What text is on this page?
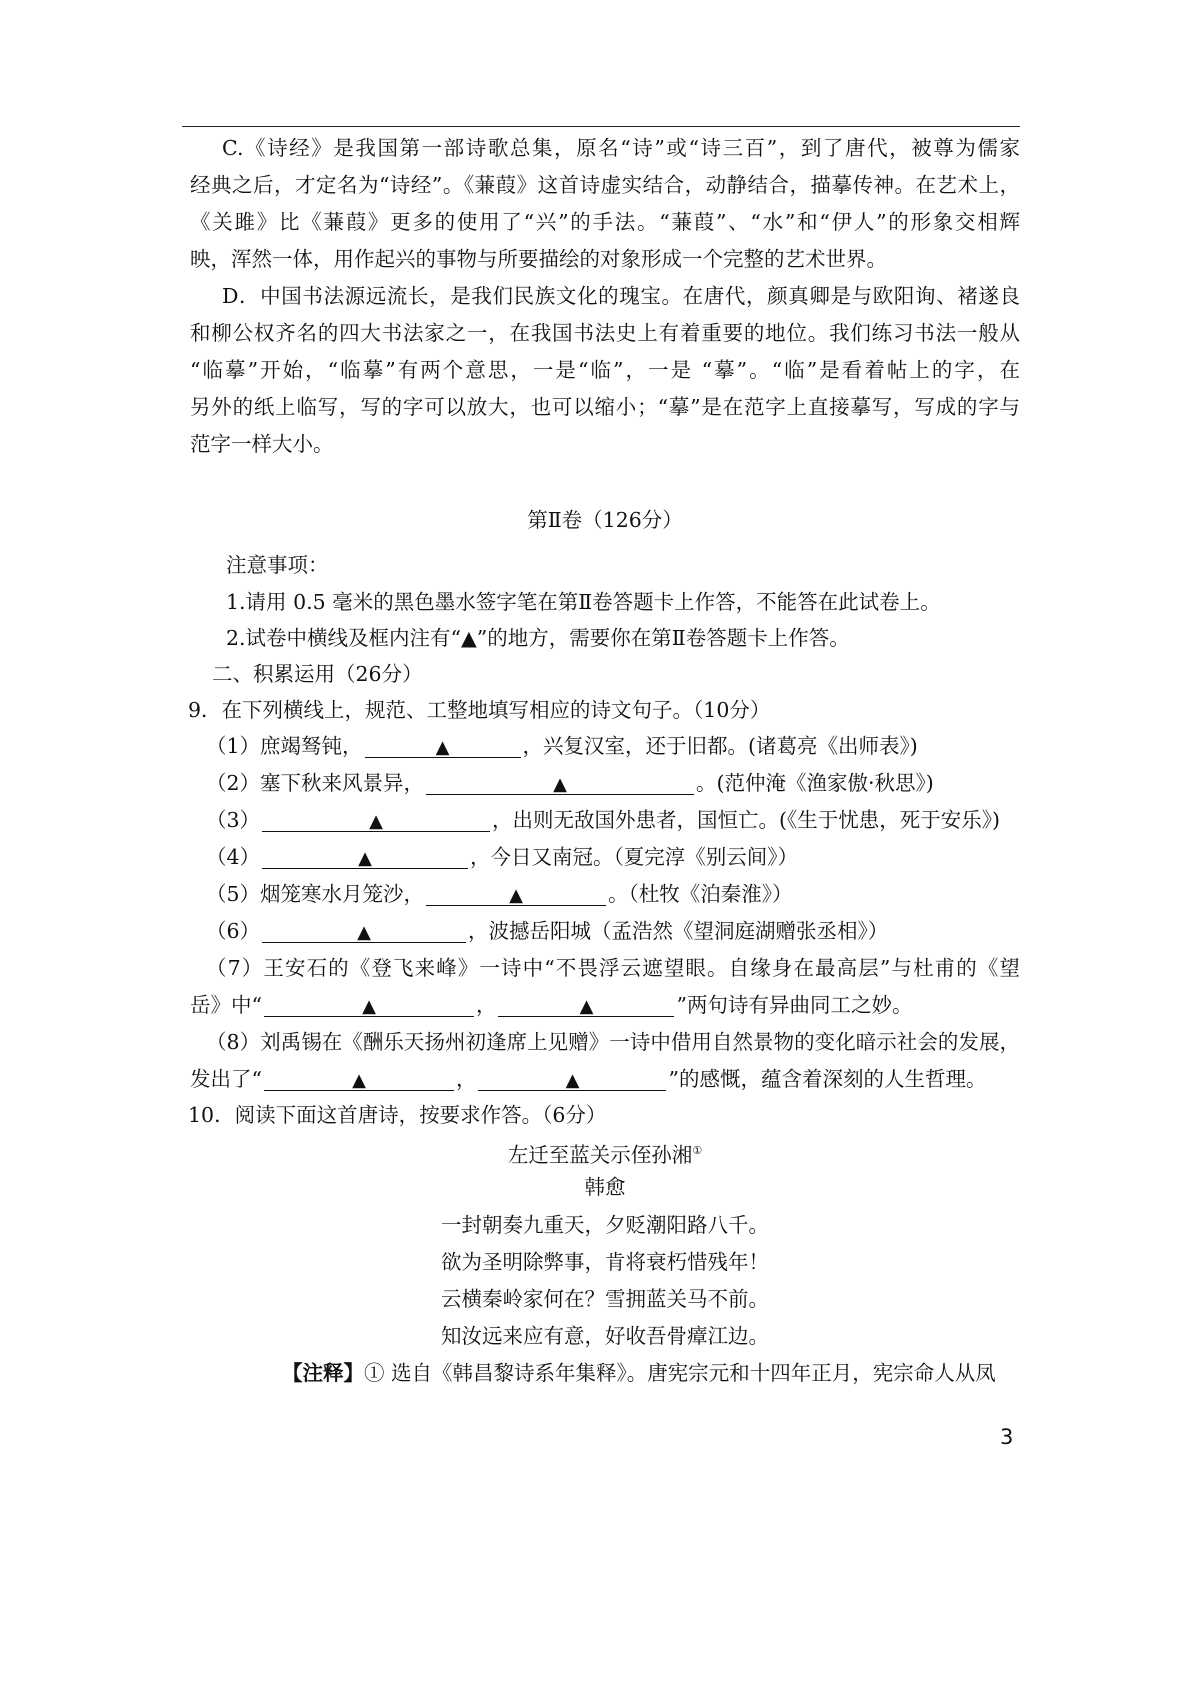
C.《诗经》是我国第一部诗歌总集，原名“诗”或“诗三百”，到了唐代，被尊为儒家
经典之后，才定名为“诗经”。《蒹葭》这首诗虚实结合，动静结合，描摹传神。在艺术上，
《关雎》比《蒹葭》更多的使用了“兴”的手法。“蒹葭”、“水”和“伊人”的形象交相辉
映，浑然一体，用作起兴的事物与所要描绘的对象形成一个完整的艺术世界。
D．中国书法源远流长，是我们民族文化的瑰宝。在唐代，颜真卿是与欧阳询、褚遂良
和柳公权齐名的四大书法家之一，在我国书法史上有着重要的地位。我们练习书法一般从
“临摹”开始，“临摹”有两个意思，一是“临”，一是 “摹”。“临”是看着帖上的字，在
另外的纸上临写，写的字可以放大，也可以缩小；“摹”是在范字上直接摹写，写成的字与
范字一样大小。
第Ⅱ卷（126分）
注意事项：
1.请用 0.5 毫米的黑色墨水签字笔在第Ⅱ卷答题卡上作答，不能答在此试卷上。
2.试卷中横线及框内注有“▲”的地方，需要你在第Ⅱ卷答题卡上作答。
二、积累运用（26分）
9．在下列横线上，规范、工整地填写相应的诗文句子。（10分）
（1）庶竭驽钝，	▲	，兴复汉室，还于旧都。(诸葛亮《出师表》)
（2）塞下秋来风景异，	▲	。(范仲淹《渔家傲·秋思》)
（3）	▲	，出则无敌国外患者，国恒亡。(《生于忧患，死于安乐》)
（4）	▲	，今日又南冠。（夏完淳《别云间》）
（5）烟笼寒水月笼沙，	▲	。（杜牧《泊秦淮》）
（6）	▲	，波撼岳阳城（孟浩然《望洞庭湖赠张丞相》）
（7）王安石的《登飞来峰》一诗中“不畏浮云遮望眼。自缘身在最高层”与杜甫的《望
岳》中“	▲	，	▲	”两句诗有异曲同工之妙。
（8）刘禹锡在《酬乐天扬州初逢席上见赠》一诗中借用自然景物的变化暗示社会的发展，
发出了“	▲	，	▲	”的感慨，蕴含着深刻的人生哲理。
10．阅读下面这首唐诗，按要求作答。（6分）
左迁至蓝关示侄孙湘①
韩愈
一封朝奏九重天，夕贬潮阳路八千。
欲为圣明除弊事，肯将衰朽惜残年！
云横秦岭家何在？雪拥蓝关马不前。
知汝远来应有意，好收吾骨瘴江边。
【注释】① 选自《韩昌黎诗系年集释》。唐宪宗元和十四年正月，宪宗命人从凤
3
